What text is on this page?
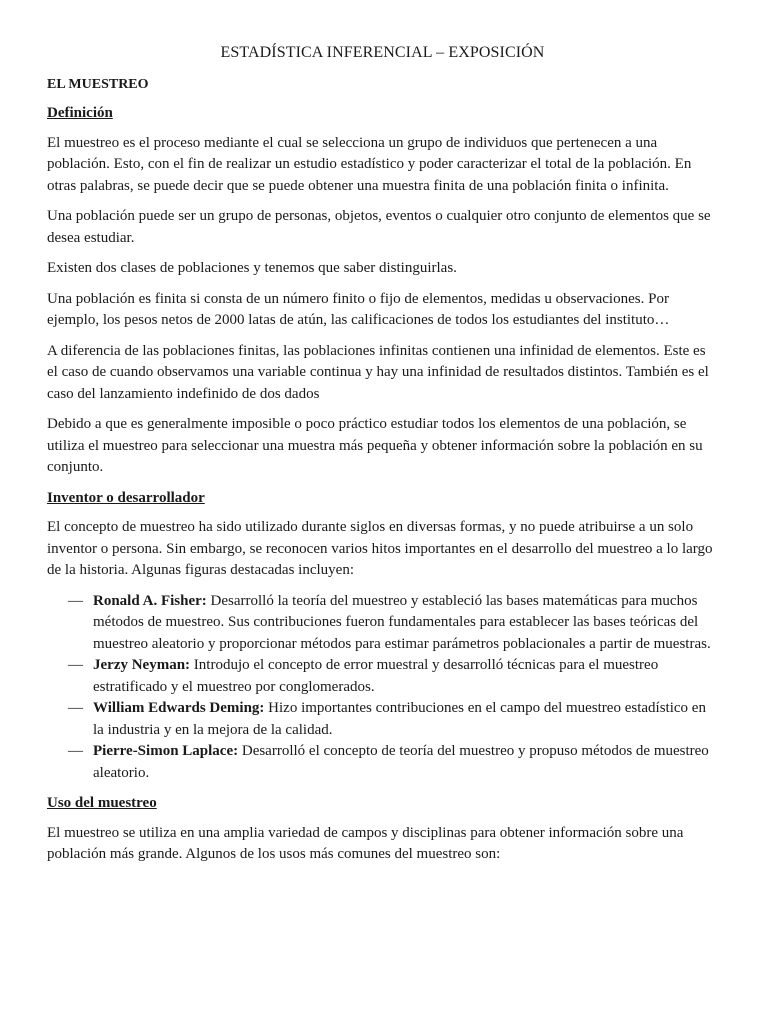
ESTADÍSTICA INFERENCIAL – EXPOSICIÓN
EL MUESTREO
Definición

El muestreo es el proceso mediante el cual se selecciona un grupo de individuos que pertenecen a una población. Esto, con el fin de realizar un estudio estadístico y poder caracterizar el total de la población. En otras palabras, se puede decir que se puede obtener una muestra finita de una población finita o infinita.

Una población puede ser un grupo de personas, objetos, eventos o cualquier otro conjunto de elementos que se desea estudiar.

Existen dos clases de poblaciones y tenemos que saber distinguirlas.

Una población es finita si consta de un número finito o fijo de elementos, medidas u observaciones. Por ejemplo, los pesos netos de 2000 latas de atún, las calificaciones de todos los estudiantes del instituto…

A diferencia de las poblaciones finitas, las poblaciones infinitas contienen una infinidad de elementos. Este es el caso de cuando observamos una variable continua y hay una infinidad de resultados distintos. También es el caso del lanzamiento indefinido de dos dados

Debido a que es generalmente imposible o poco práctico estudiar todos los elementos de una población, se utiliza el muestreo para seleccionar una muestra más pequeña y obtener información sobre la población en su conjunto.

Inventor o desarrollador

El concepto de muestreo ha sido utilizado durante siglos en diversas formas, y no puede atribuirse a un solo inventor o persona. Sin embargo, se reconocen varios hitos importantes en el desarrollo del muestreo a lo largo de la historia. Algunas figuras destacadas incluyen:

— Ronald A. Fisher: Desarrolló la teoría del muestreo y estableció las bases matemáticas para muchos métodos de muestreo. Sus contribuciones fueron fundamentales para establecer las bases teóricas del muestreo aleatorio y proporcionar métodos para estimar parámetros poblacionales a partir de muestras.
— Jerzy Neyman: Introdujo el concepto de error muestral y desarrolló técnicas para el muestreo estratificado y el muestreo por conglomerados.
— William Edwards Deming: Hizo importantes contribuciones en el campo del muestreo estadístico en la industria y en la mejora de la calidad.
— Pierre-Simon Laplace: Desarrolló el concepto de teoría del muestreo y propuso métodos de muestreo aleatorio.
Uso del muestreo

El muestreo se utiliza en una amplia variedad de campos y disciplinas para obtener información sobre una población más grande. Algunos de los usos más comunes del muestreo son:
